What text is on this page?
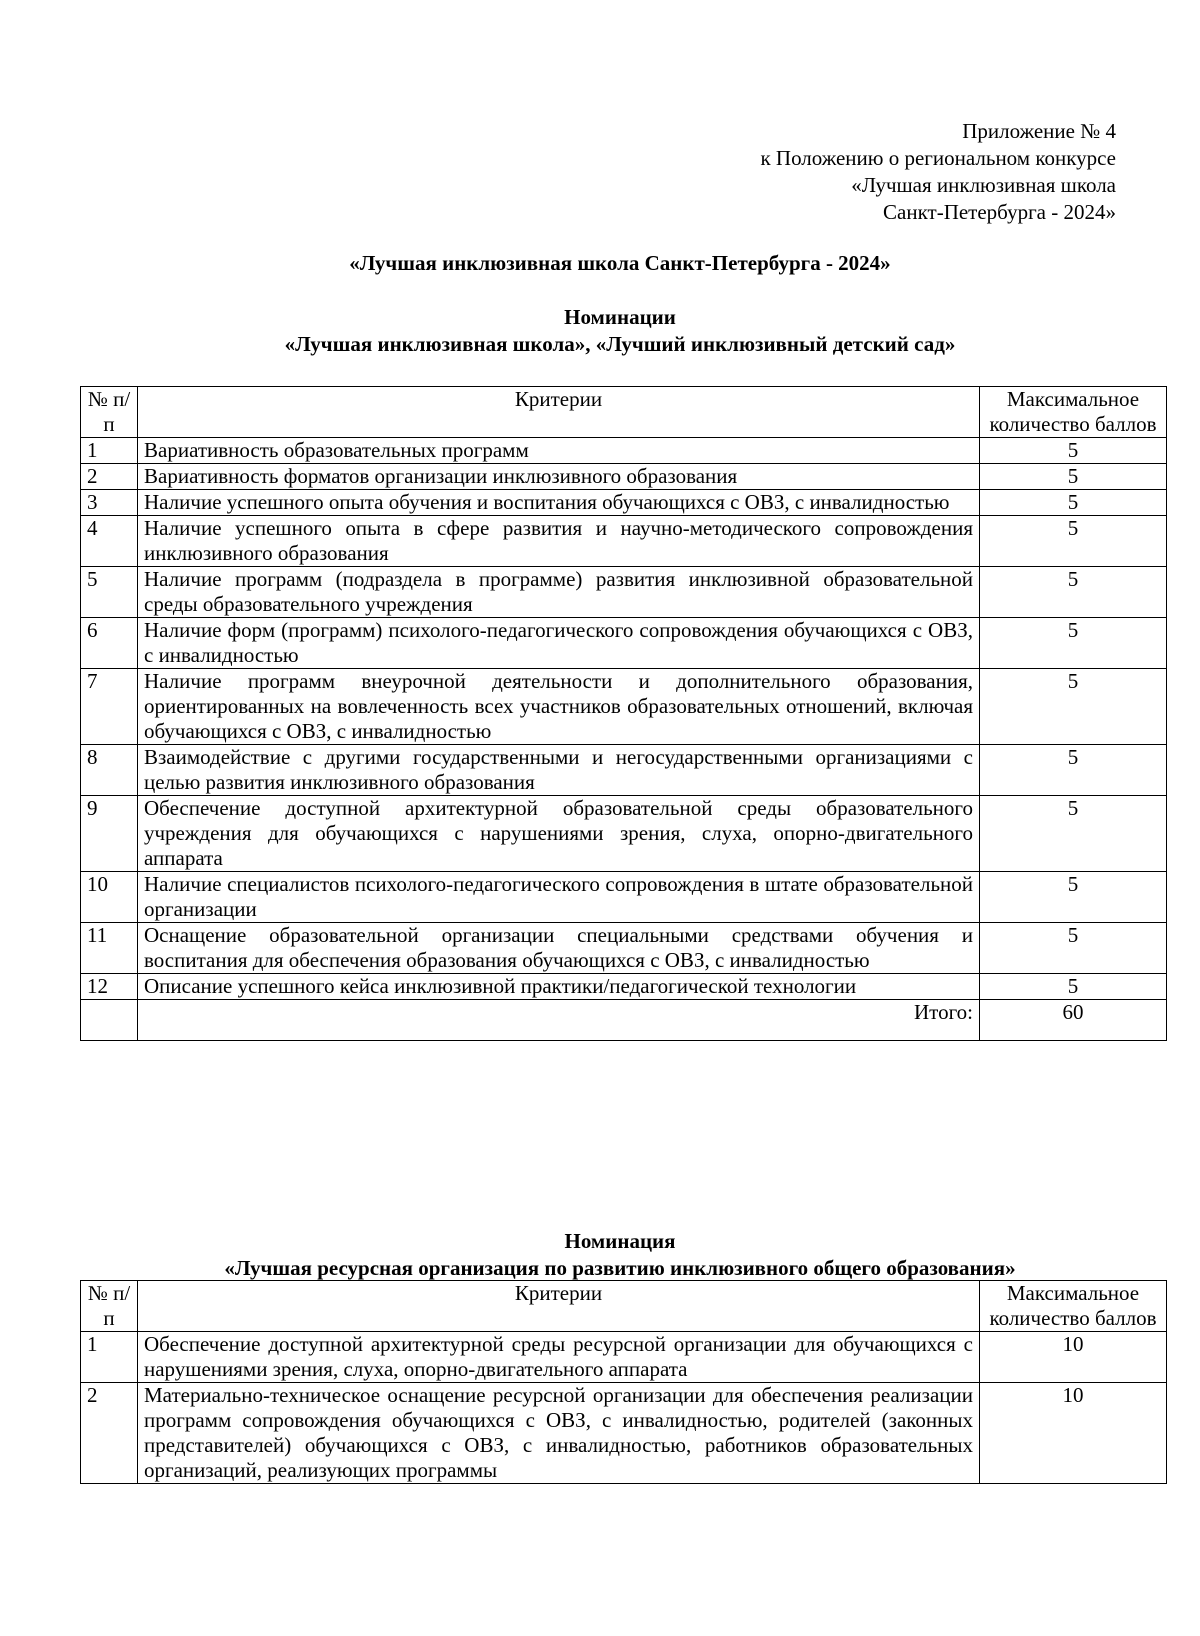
Приложение № 4
к Положению о региональном конкурсе
«Лучшая инклюзивная школа
Санкт-Петербурга - 2024»
«Лучшая инклюзивная школа Санкт-Петербурга - 2024»
Номинации
«Лучшая инклюзивная школа», «Лучший инклюзивный детский сад»
№ п/п	Критерии	Максимальное количество баллов
1	Вариативность образовательных программ	5
2	Вариативность форматов организации инклюзивного образования	5
3	Наличие успешного опыта обучения и воспитания обучающихся с ОВЗ, с инвалидностью	5
4	Наличие успешного опыта в сфере развития и научно-методического сопровождения инклюзивного образования	5
5	Наличие программ (подраздела в программе) развития инклюзивной образовательной среды образовательного учреждения	5
6	Наличие форм (программ) психолого-педагогического сопровождения обучающихся с ОВЗ, с инвалидностью	5
7	Наличие программ внеурочной деятельности и дополнительного образования, ориентированных на вовлеченность всех участников образовательных отношений, включая обучающихся с ОВЗ, с инвалидностью	5
8	Взаимодействие с другими государственными и негосударственными организациями с целью развития инклюзивного образования	5
9	Обеспечение доступной архитектурной образовательной среды образовательного учреждения для обучающихся с нарушениями зрения, слуха, опорно-двигательного аппарата	5
10	Наличие специалистов психолого-педагогического сопровождения в штате образовательной организации	5
11	Оснащение образовательной организации специальными средствами обучения и воспитания для обеспечения образования обучающихся с ОВЗ, с инвалидностью	5
12	Описание успешного кейса инклюзивной практики/педагогической технологии	5
	Итого:	60
Номинация
«Лучшая ресурсная организация по развитию инклюзивного общего образования»
№ п/п	Критерии	Максимальное количество баллов
1	Обеспечение доступной архитектурной среды ресурсной организации для обучающихся с нарушениями зрения, слуха, опорно-двигательного аппарата	10
2	Материально-техническое оснащение ресурсной организации для обеспечения реализации программ сопровождения обучающихся с ОВЗ, с инвалидностью, родителей (законных представителей) обучающихся с ОВЗ, с инвалидностью, работников образовательных организаций, реализующих программы	10
